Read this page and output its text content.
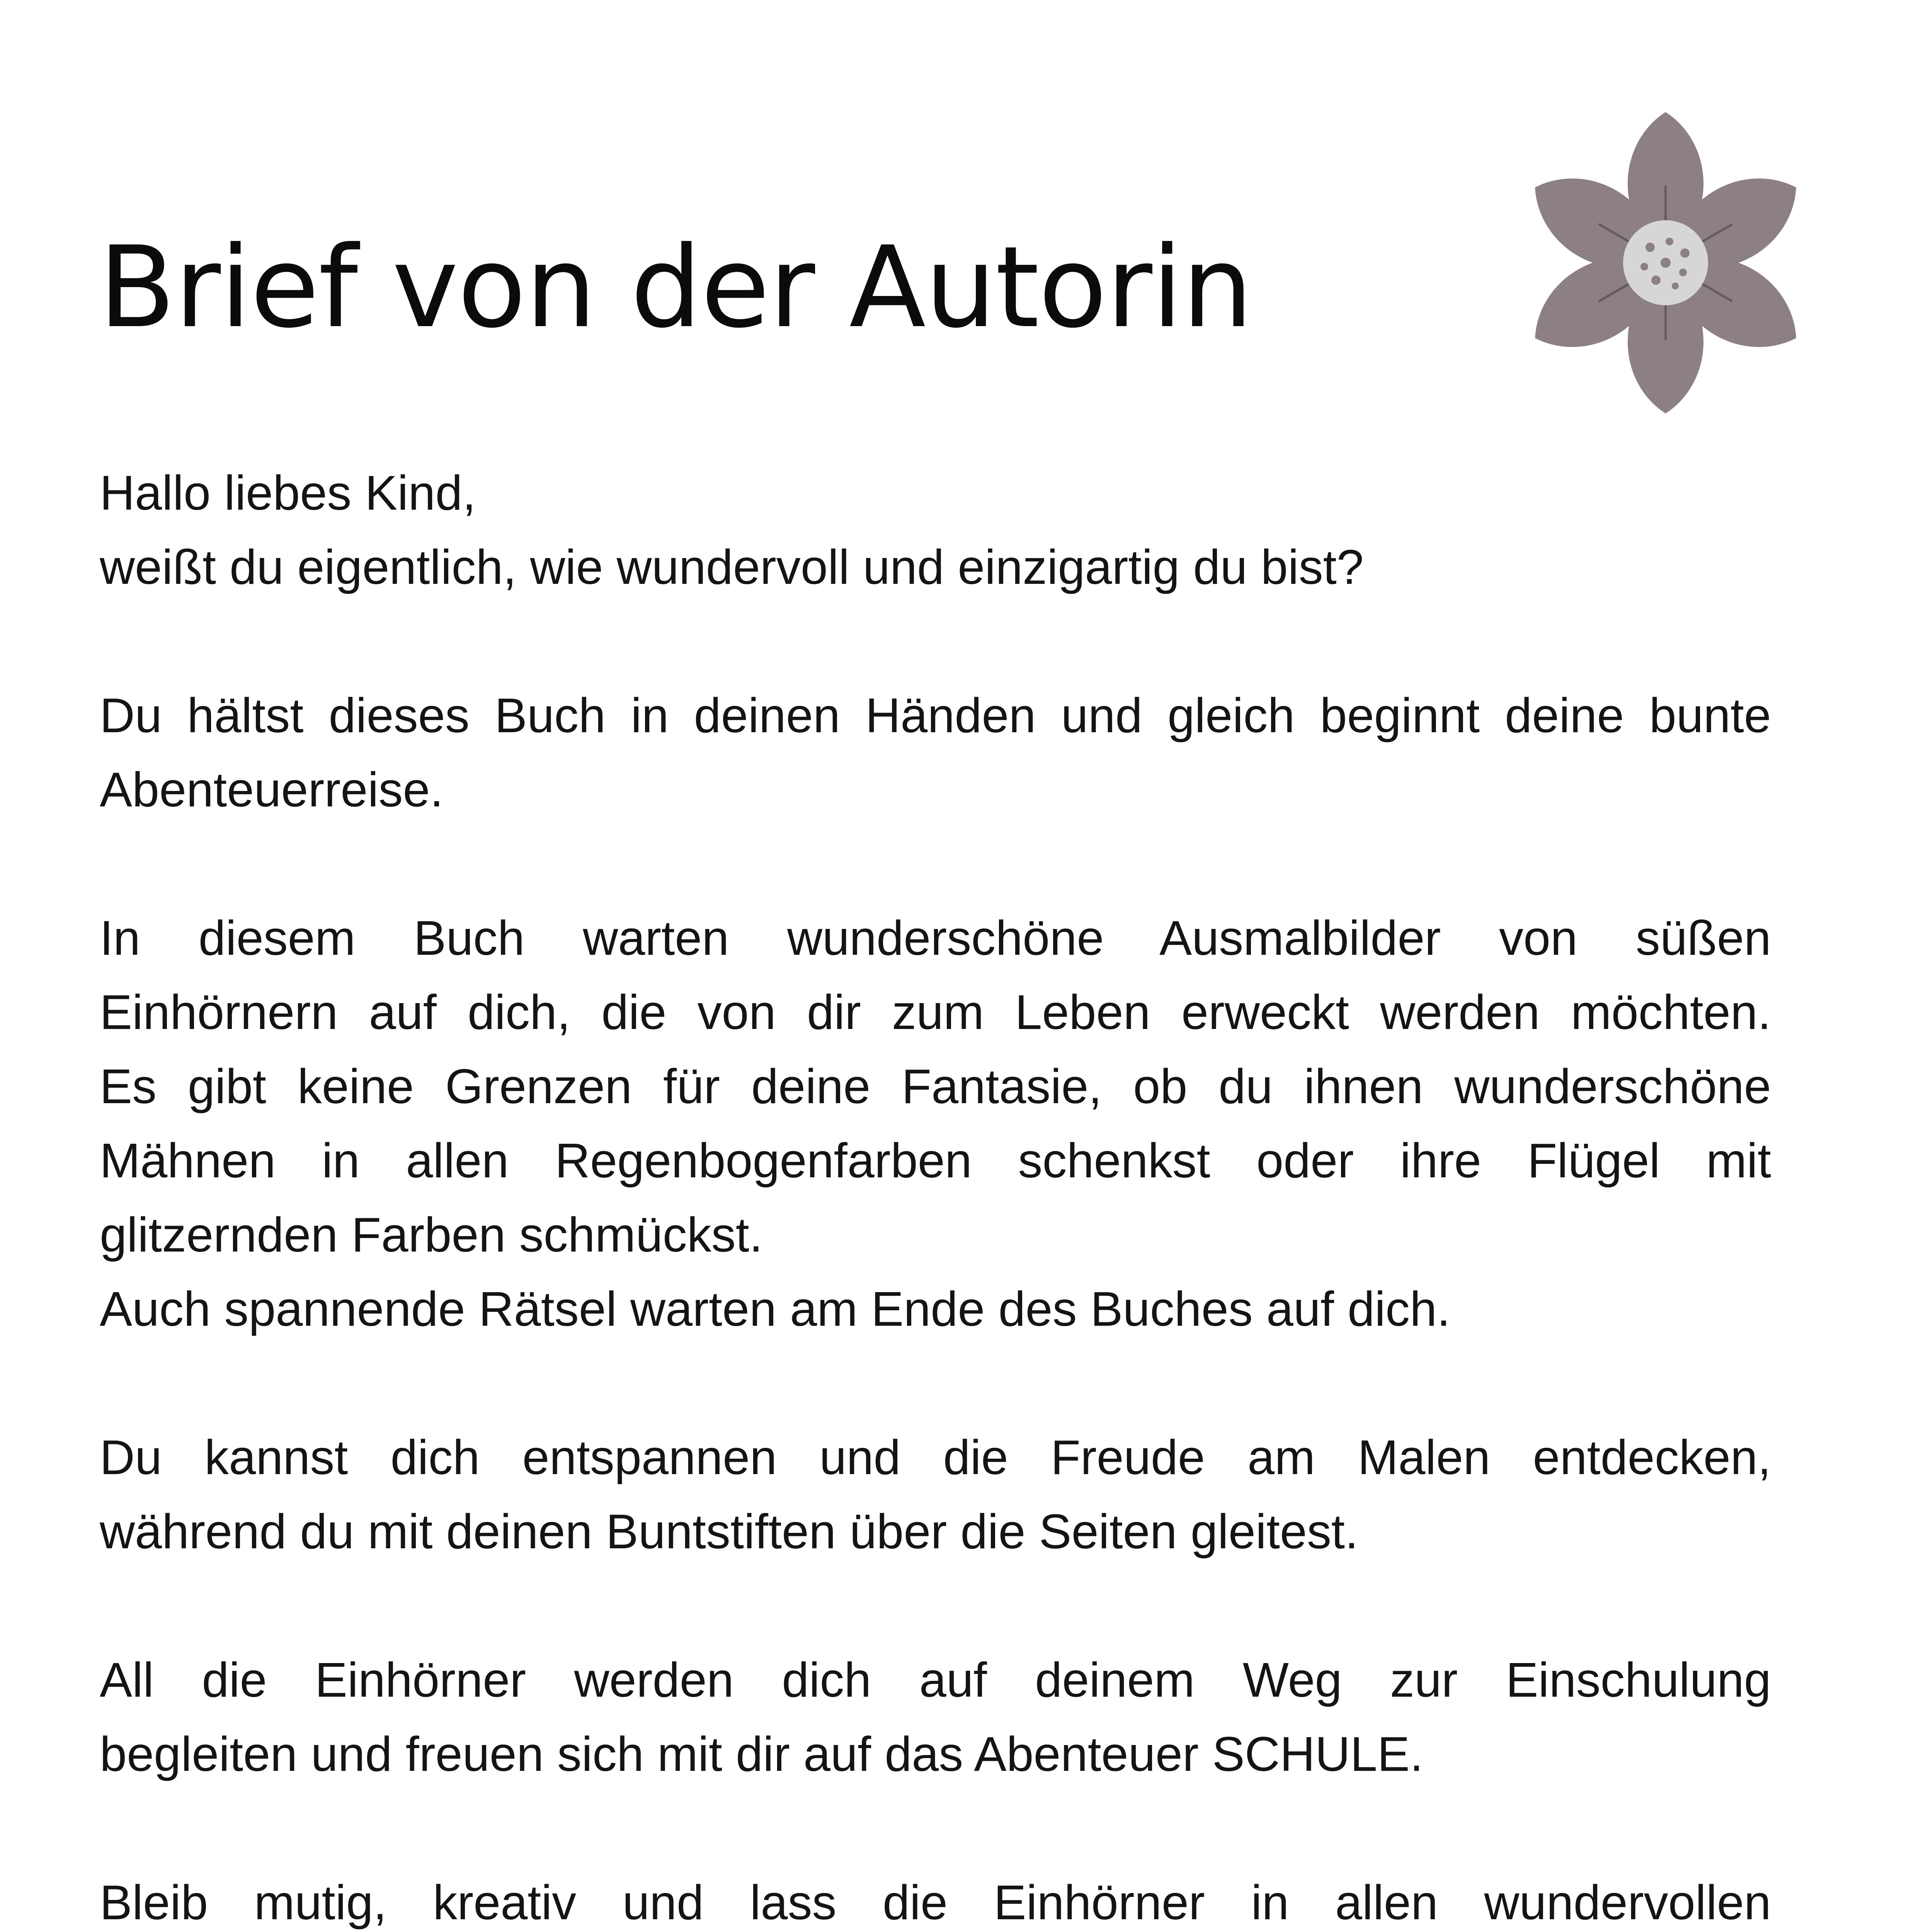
Brief von der Autorin

Hallo liebes Kind,
weißt du eigentlich, wie wundervoll und einzigartig du bist?

Du hältst dieses Buch in deinen Händen und gleich beginnt deine bunte Abenteuerreise.

In diesem Buch warten wunderschöne Ausmalbilder von süßen
Einhörnern auf dich, die von dir zum Leben erweckt werden möchten.
Es gibt keine Grenzen für deine Fantasie, ob du ihnen wunderschöne
Mähnen in allen Regenbogenfarben schenkst oder ihre Flügel mit
glitzernden Farben schmückst.
Auch spannende Rätsel warten am Ende des Buches auf dich.
Du kannst dich entspannen und die Freude am Malen entdecken,
während du mit deinen Buntstiften über die Seiten gleitest.
All die Einhörner werden dich auf deinem Weg zur Einschulung
begleiten und freuen sich mit dir auf das Abenteuer SCHULE.
Bleib mutig, kreativ und lass die Einhörner in allen wundervollen
